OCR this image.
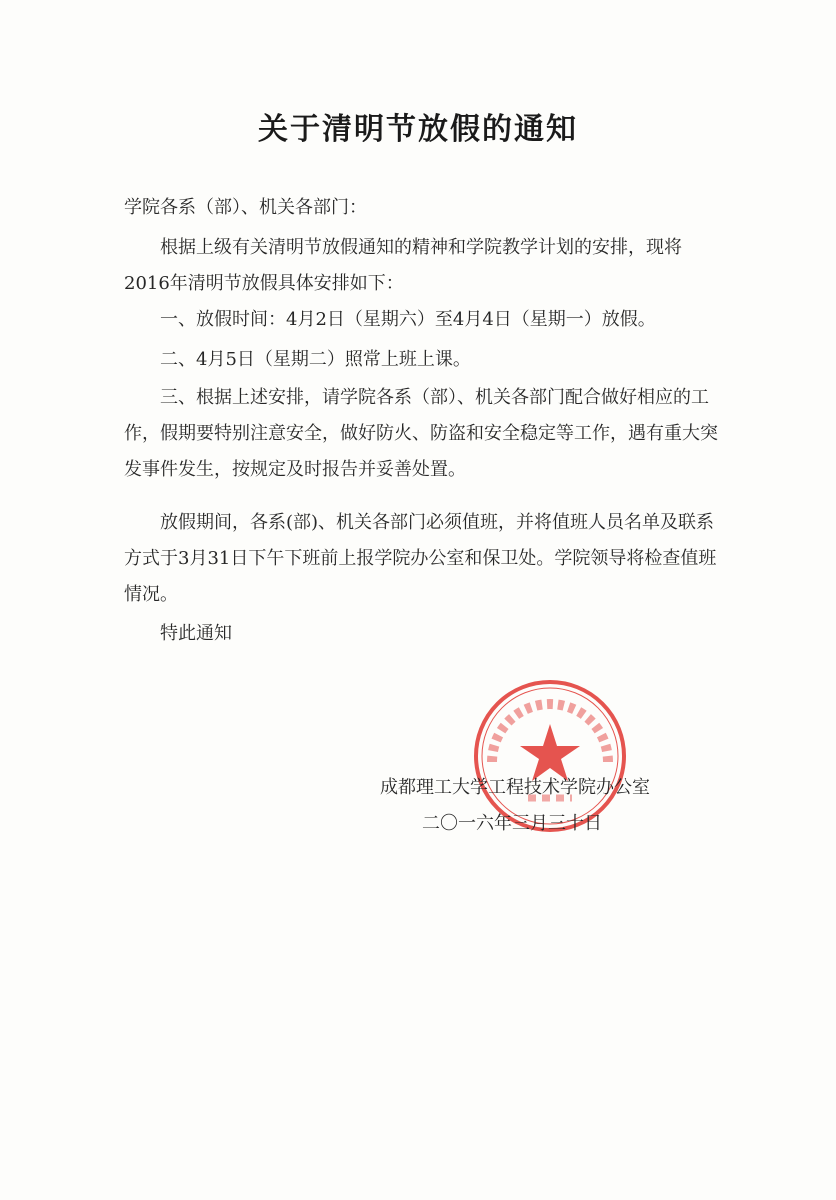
关于清明节放假的通知
学院各系（部）、机关各部门：
根据上级有关清明节放假通知的精神和学院教学计划的安排，现将2016年清明节放假具体安排如下：
一、放假时间：4月2日（星期六）至4月4日（星期一）放假。
二、4月5日（星期二）照常上班上课。
三、根据上述安排，请学院各系（部）、机关各部门配合做好相应的工作，假期要特别注意安全，做好防火、防盗和安全稳定等工作，遇有重大突发事件发生，按规定及时报告并妥善处置。
放假期间，各系(部)、机关各部门必须值班，并将值班人员名单及联系方式于3月31日下午下班前上报学院办公室和保卫处。学院领导将检查值班情况。
特此通知
成都理工大学工程技术学院办公室
二〇一六年三月三十日
